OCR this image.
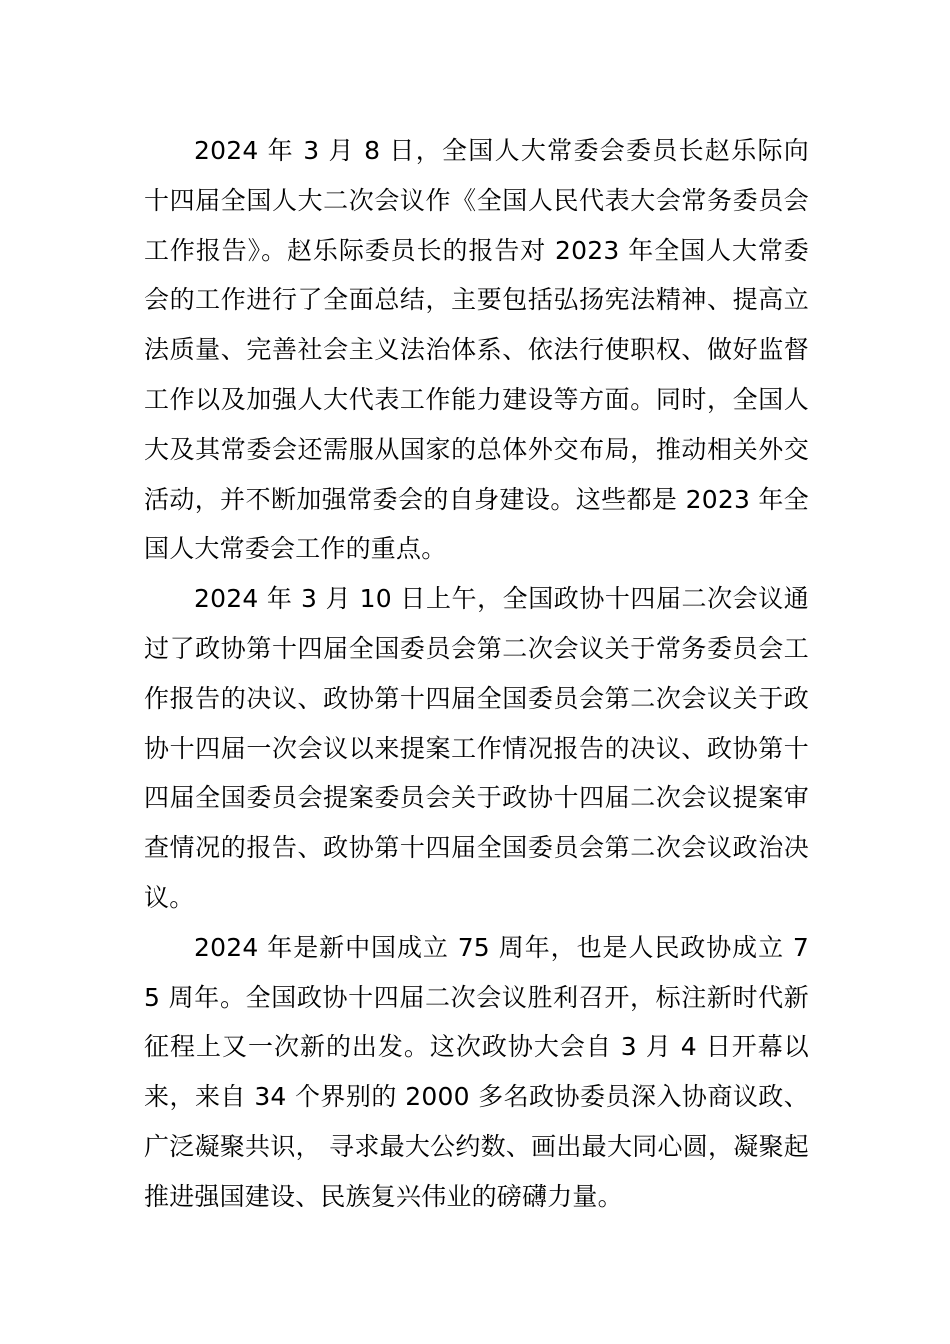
2024 年 3 月 8 日，全国人大常委会委员长赵乐际向十四届全国人大二次会议作《全国人民代表大会常务委员会工作报告》。赵乐际委员长的报告对 2023 年全国人大常委会的工作进行了全面总结，主要包括弘扬宪法精神、提高立法质量、完善社会主义法治体系、依法行使职权、做好监督工作以及加强人大代表工作能力建设等方面。同时，全国人大及其常委会还需服从国家的总体外交布局，推动相关外交活动，并不断加强常委会的自身建设。这些都是 2023 年全国人大常委会工作的重点。

2024 年 3 月 10 日上午，全国政协十四届二次会议通过了政协第十四届全国委员会第二次会议关于常务委员会工作报告的决议、政协第十四届全国委员会第二次会议关于政协十四届一次会议以来提案工作情况报告的决议、政协第十四届全国委员会提案委员会关于政协十四届二次会议提案审查情况的报告、政协第十四届全国委员会第二次会议政治决议。

2024 年是新中国成立 75 周年，也是人民政协成立 75 周年。全国政协十四届二次会议胜利召开，标注新时代新征程上又一次新的出发。这次政协大会自 3 月 4 日开幕以来，来自 34 个界别的 2000 多名政协委员深入协商议政、广泛凝聚共识， 寻求最大公约数、画出最大同心圆，凝聚起推进强国建设、民族复兴伟业的磅礴力量。
